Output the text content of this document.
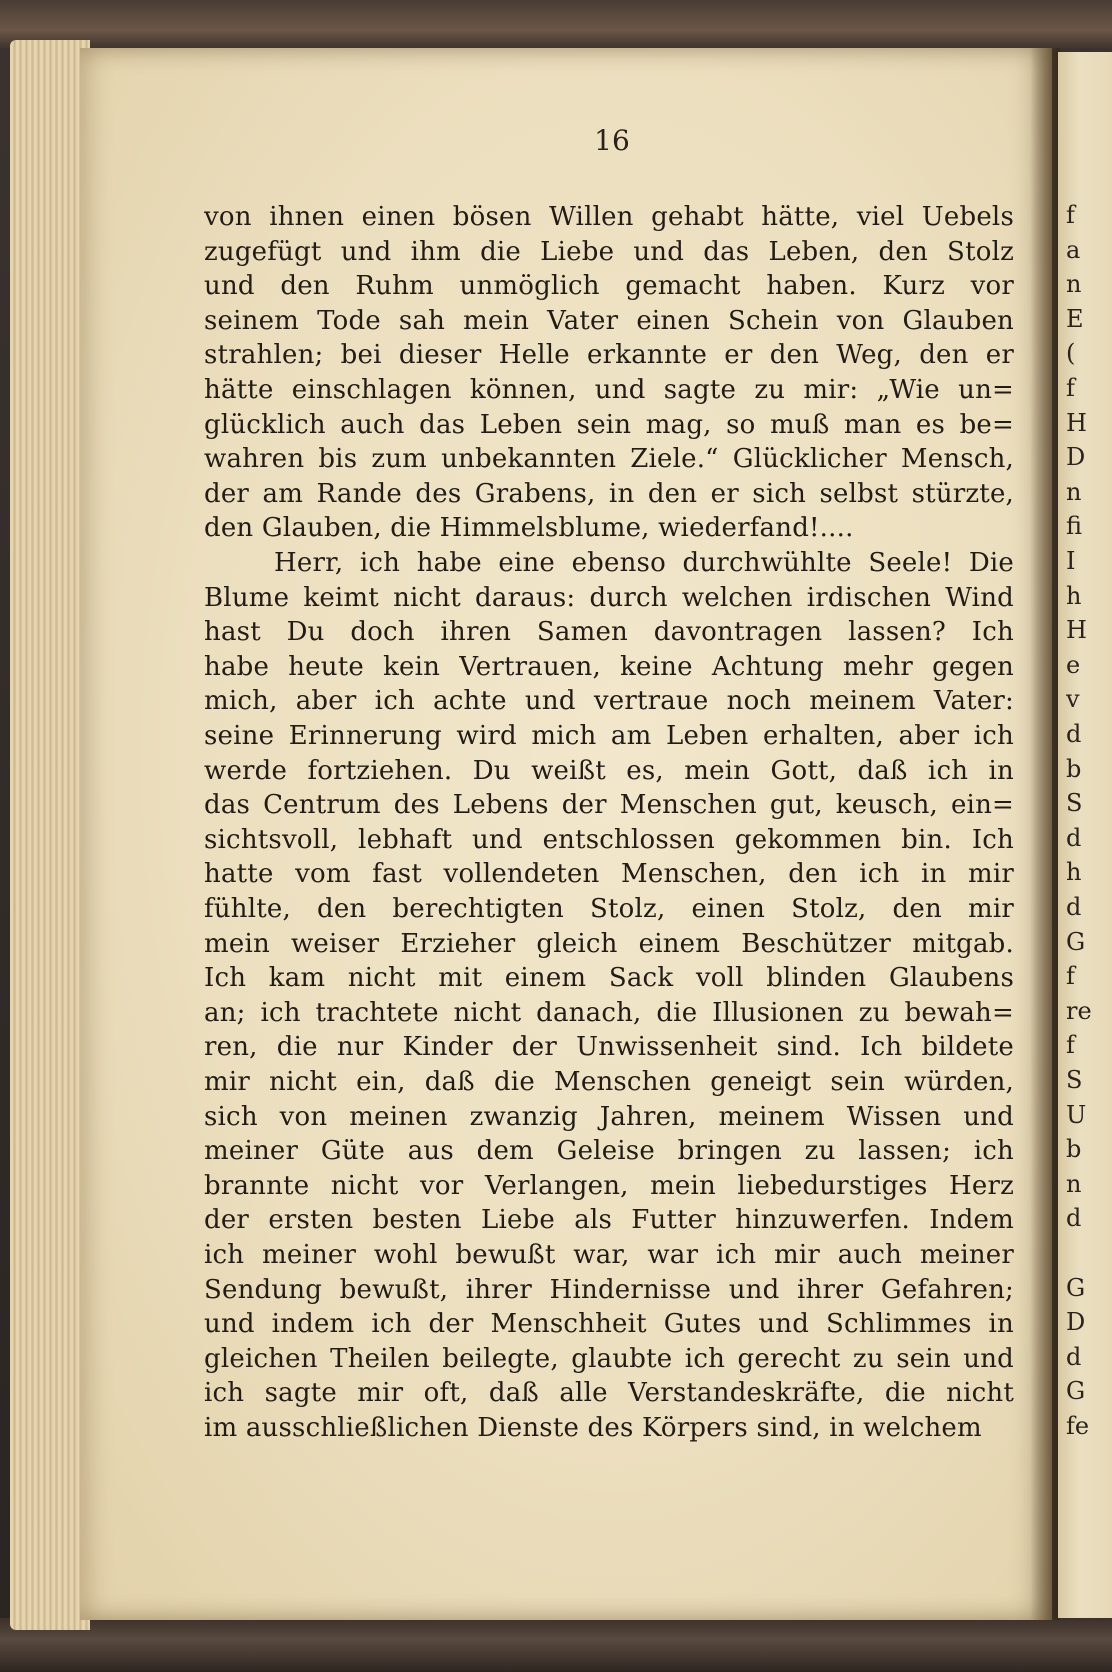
f
a
n
E
(
f
H
D
n
fi
I
h
H
e
v
d
b
S
d
h
d
G
f
re
f
S
U
b
n
d
G
D
d
G
fe
16
von ihnen einen bösen Willen gehabt hätte, viel Uebels
zugefügt und ihm die Liebe und das Leben, den Stolz
und den Ruhm unmöglich gemacht haben. Kurz vor
seinem Tode sah mein Vater einen Schein von Glauben
strahlen; bei dieser Helle erkannte er den Weg, den er
hätte einschlagen können, und sagte zu mir: „Wie un=
glücklich auch das Leben sein mag, so muß man es be=
wahren bis zum unbekannten Ziele.“ Glücklicher Mensch,
der am Rande des Grabens, in den er sich selbst stürzte,
den Glauben, die Himmelsblume, wiederfand!....
Herr, ich habe eine ebenso durchwühlte Seele! Die
Blume keimt nicht daraus: durch welchen irdischen Wind
hast Du doch ihren Samen davontragen lassen? Ich
habe heute kein Vertrauen, keine Achtung mehr gegen
mich, aber ich achte und vertraue noch meinem Vater:
seine Erinnerung wird mich am Leben erhalten, aber ich
werde fortziehen. Du weißt es, mein Gott, daß ich in
das Centrum des Lebens der Menschen gut, keusch, ein=
sichtsvoll, lebhaft und entschlossen gekommen bin. Ich
hatte vom fast vollendeten Menschen, den ich in mir
fühlte, den berechtigten Stolz, einen Stolz, den mir
mein weiser Erzieher gleich einem Beschützer mitgab.
Ich kam nicht mit einem Sack voll blinden Glaubens
an; ich trachtete nicht danach, die Illusionen zu bewah=
ren, die nur Kinder der Unwissenheit sind. Ich bildete
mir nicht ein, daß die Menschen geneigt sein würden,
sich von meinen zwanzig Jahren, meinem Wissen und
meiner Güte aus dem Geleise bringen zu lassen; ich
brannte nicht vor Verlangen, mein liebedurstiges Herz
der ersten besten Liebe als Futter hinzuwerfen. Indem
ich meiner wohl bewußt war, war ich mir auch meiner
Sendung bewußt, ihrer Hindernisse und ihrer Gefahren;
und indem ich der Menschheit Gutes und Schlimmes in
gleichen Theilen beilegte, glaubte ich gerecht zu sein und
ich sagte mir oft, daß alle Verstandeskräfte, die nicht
im ausschließlichen Dienste des Körpers sind, in welchem
